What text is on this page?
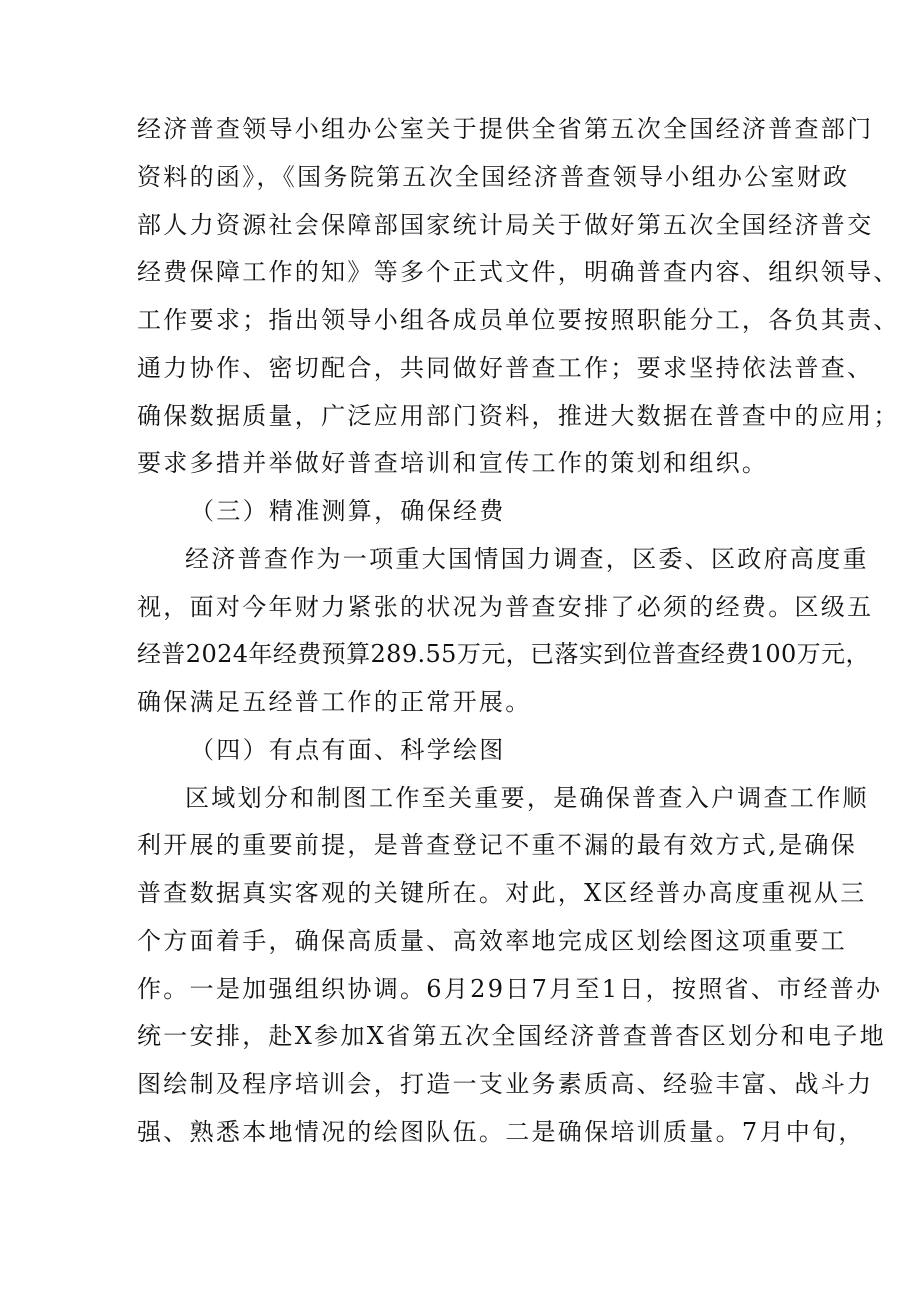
经济普查领导小组办公室关于提供全省第五次全国经济普查部门
资料的函》，《国务院第五次全国经济普查领导小组办公室财政
部人力资源社会保障部国家统计局关于做好第五次全国经济普交
经费保障工作的知》等多个正式文件，明确普查内容、组织领导、
工作要求；指出领导小组各成员单位要按照职能分工，各负其责、
通力协作、密切配合，共同做好普查工作；要求坚持依法普查、
确保数据质量，广泛应用部门资料，推进大数据在普查中的应用；
要求多措并举做好普查培训和宣传工作的策划和组织。
（三）精准测算，确保经费
经济普查作为一项重大国情国力调查，区委、区政府高度重
视，面对今年财力紧张的状况为普查安排了必须的经费。区级五
经普2024年经费预算289.55万元，已落实到位普查经费100万元，
确保满足五经普工作的正常开展。
（四）有点有面、科学绘图
区域划分和制图工作至关重要，是确保普查入户调查工作顺
利开展的重要前提，是普查登记不重不漏的最有效方式,是确保
普查数据真实客观的关键所在。对此，X区经普办高度重视从三
个方面着手，确保高质量、高效率地完成区划绘图这项重要工
作。一是加强组织协调。6月29日7月至1日，按照省、市经普办
统一安排，赴X参加X省第五次全国经济普查普杳区划分和电子地
图绘制及程序培训会，打造一支业务素质高、经验丰富、战斗力
强、熟悉本地情况的绘图队伍。二是确保培训质量。7月中旬，
